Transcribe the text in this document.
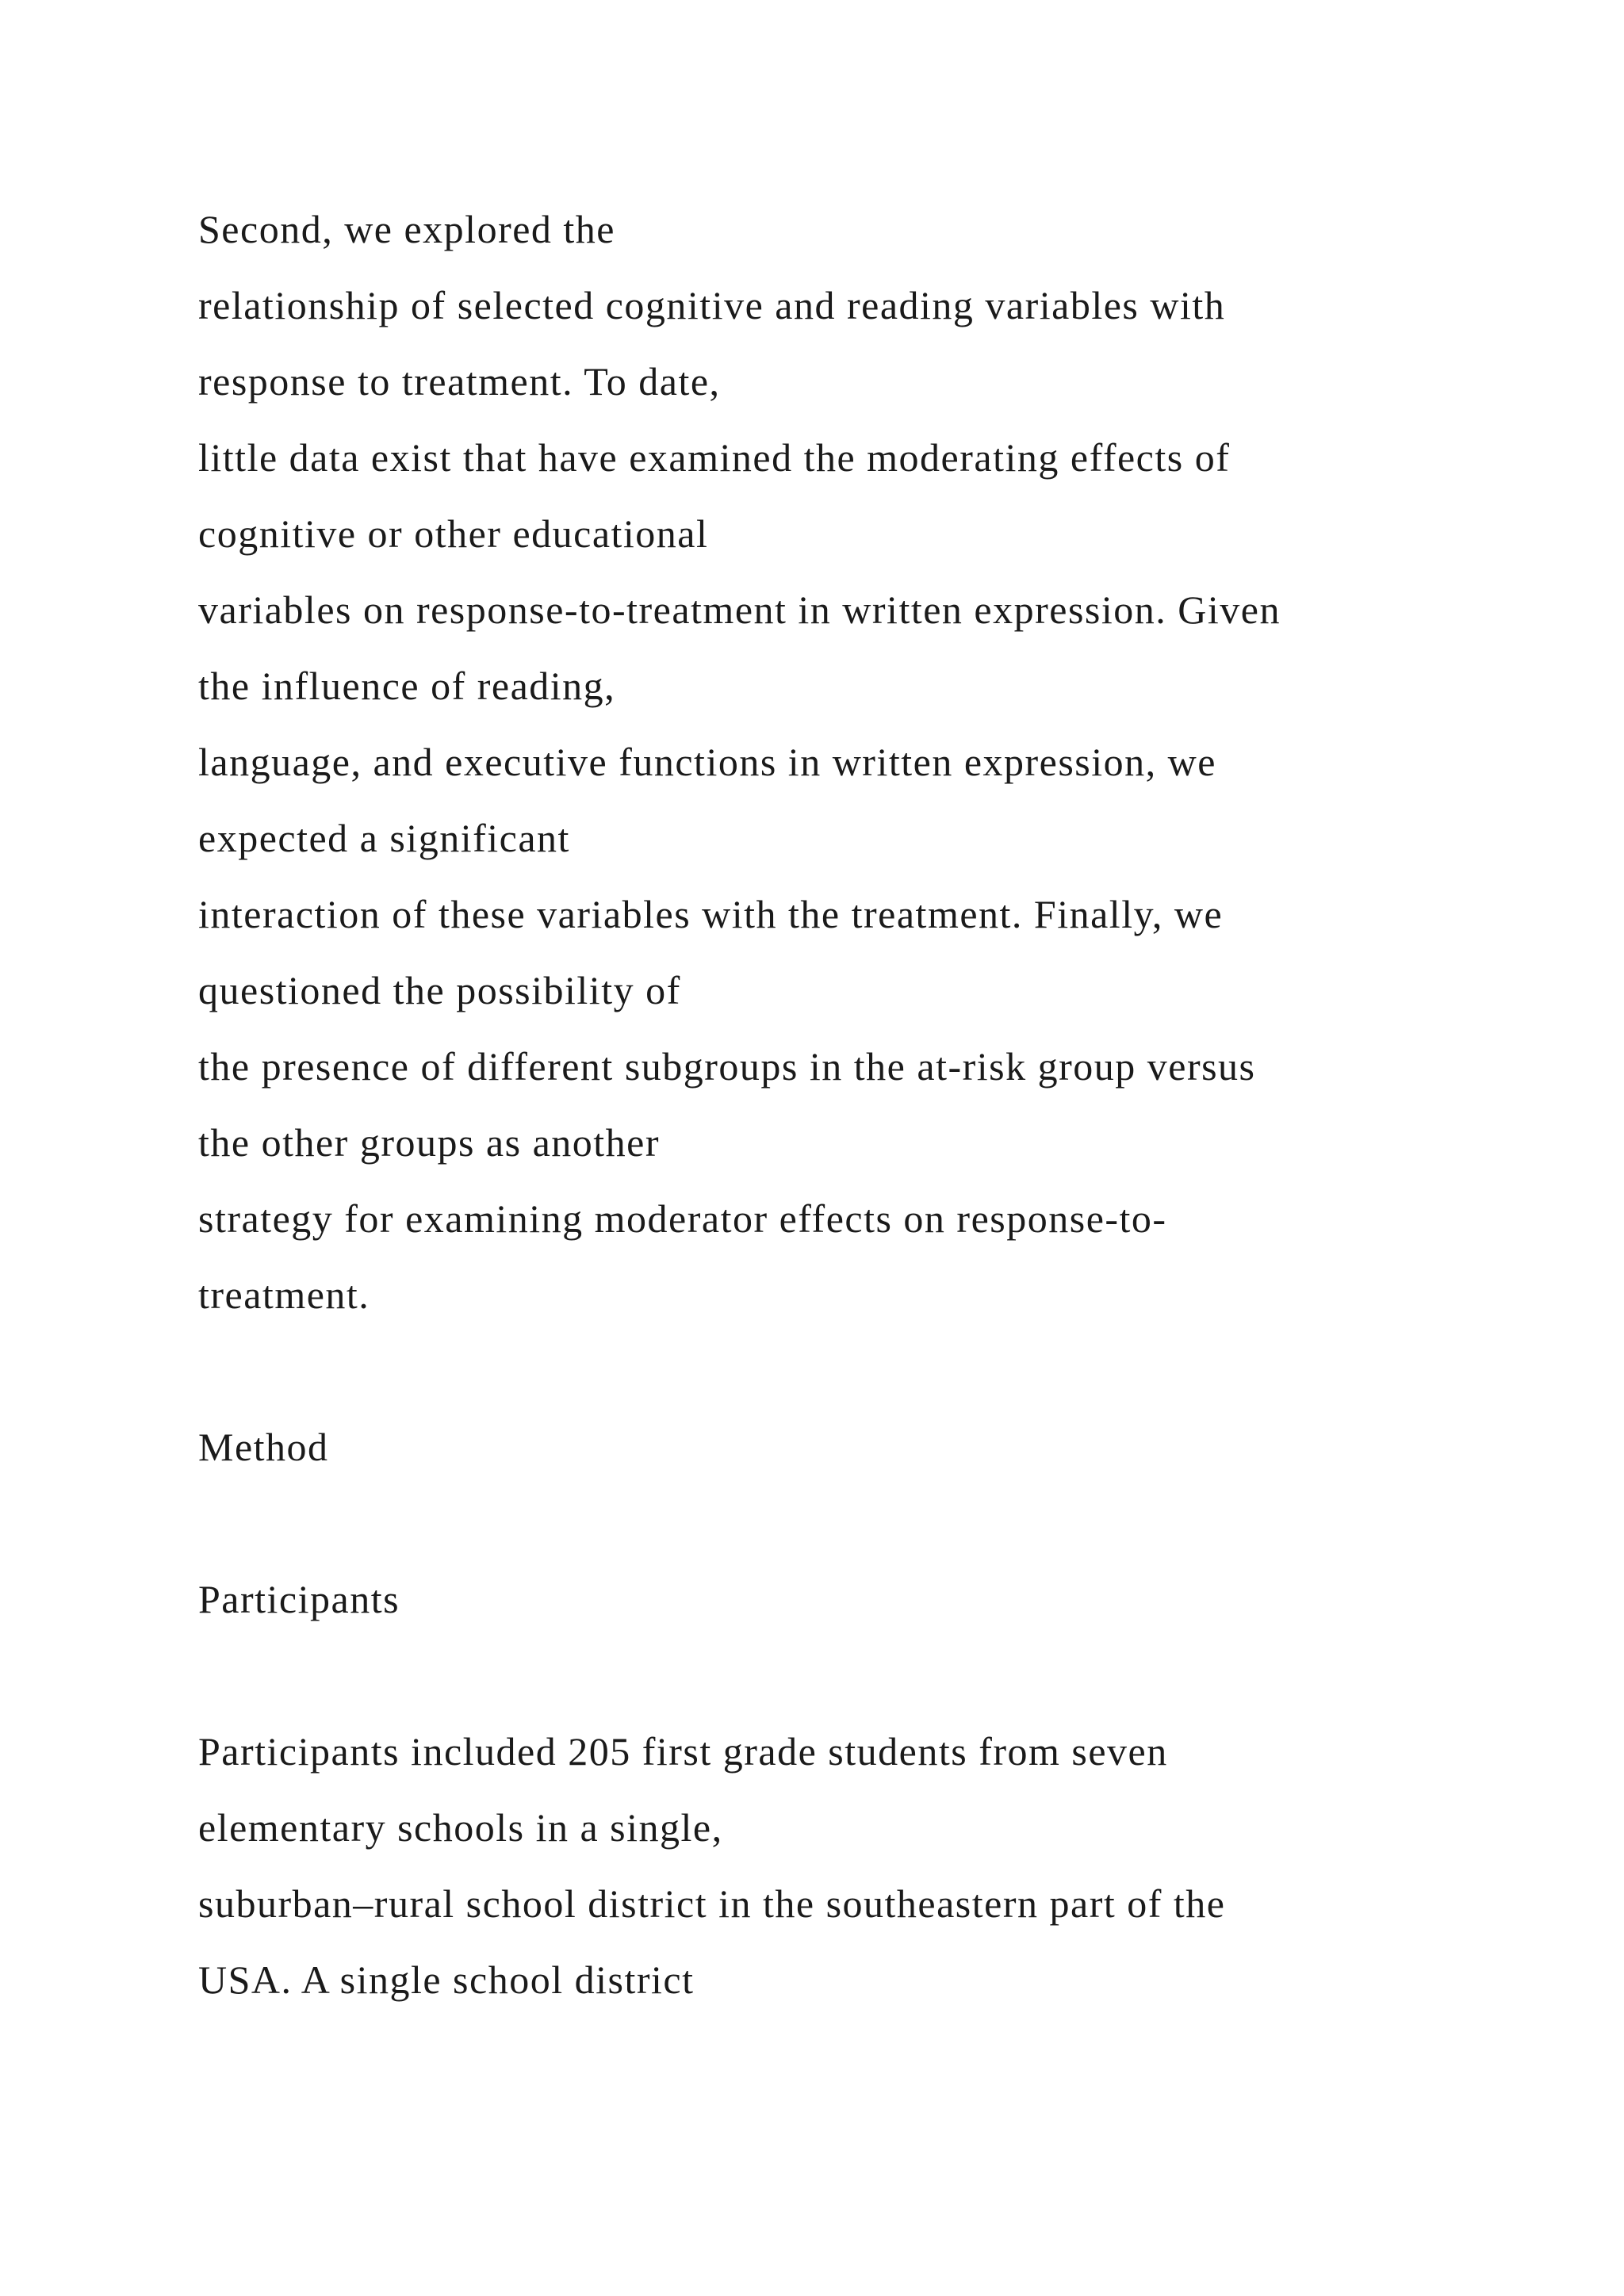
Second, we explored the
relationship of selected cognitive and reading variables with
response to treatment. To date,
little data exist that have examined the moderating effects of
cognitive or other educational
variables on response-to-treatment in written expression. Given
the influence of reading,
language, and executive functions in written expression, we
expected a significant
interaction of these variables with the treatment. Finally, we
questioned the possibility of
the presence of different subgroups in the at-risk group versus
the other groups as another
strategy for examining moderator effects on response-to-
treatment.
Method
Participants
Participants included 205 first grade students from seven
elementary schools in a single,
suburban–rural school district in the southeastern part of the
USA. A single school district
